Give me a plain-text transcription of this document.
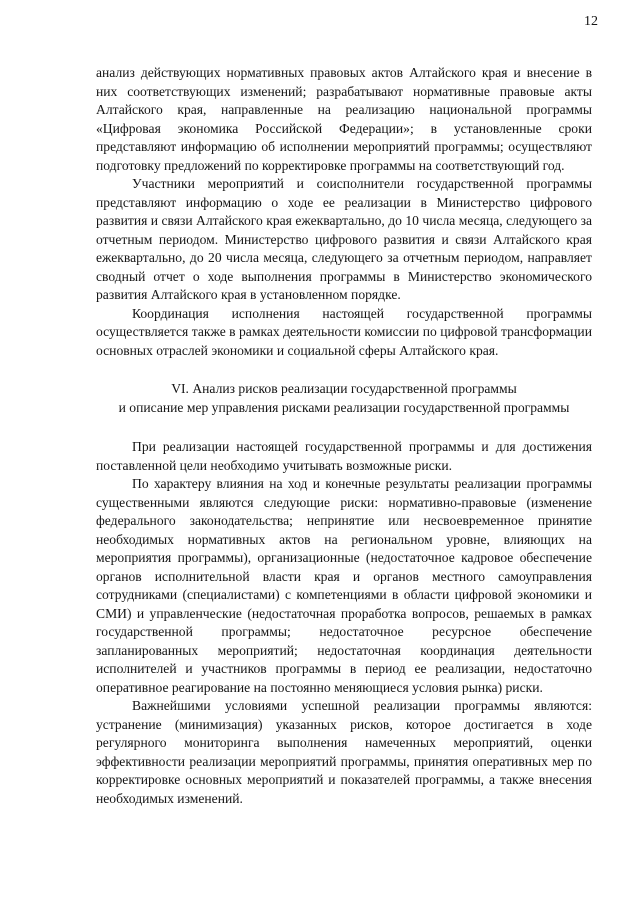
12

анализ действующих нормативных правовых актов Алтайского края и внесение в них соответствующих изменений; разрабатывают нормативные правовые акты Алтайского края, направленные на реализацию национальной программы «Цифровая экономика Российской Федерации»; в установленные сроки представляют информацию об исполнении мероприятий программы; осуществляют подготовку предложений по корректировке программы на соответствующий год.

Участники мероприятий и соисполнители государственной программы представляют информацию о ходе ее реализации в Министерство цифрового развития и связи Алтайского края ежеквартально, до 10 числа месяца, следующего за отчетным периодом. Министерство цифрового развития и связи Алтайского края ежеквартально, до 20 числа месяца, следующего за отчетным периодом, направляет сводный отчет о ходе выполнения программы в Министерство экономического развития Алтайского края в установленном порядке.

Координация исполнения настоящей государственной программы осуществляется также в рамках деятельности комиссии по цифровой трансформации основных отраслей экономики и социальной сферы Алтайского края.

VI. Анализ рисков реализации государственной программы
и описание мер управления рисками реализации государственной программы

При реализации настоящей государственной программы и для достижения поставленной цели необходимо учитывать возможные риски.

По характеру влияния на ход и конечные результаты реализации программы существенными являются следующие риски: нормативно-правовые (изменение федерального законодательства; непринятие или несвоевременное принятие необходимых нормативных актов на региональном уровне, влияющих на мероприятия программы), организационные (недостаточное кадровое обеспечение органов исполнительной власти края и органов местного самоуправления сотрудниками (специалистами) с компетенциями в области цифровой экономики и СМИ) и управленческие (недостаточная проработка вопросов, решаемых в рамках государственной программы; недостаточное ресурсное обеспечение запланированных мероприятий; недостаточная координация деятельности исполнителей и участников программы в период ее реализации, недостаточно оперативное реагирование на постоянно меняющиеся условия рынка) риски.

Важнейшими условиями успешной реализации программы являются: устранение (минимизация) указанных рисков, которое достигается в ходе регулярного мониторинга выполнения намеченных мероприятий, оценки эффективности реализации мероприятий программы, принятия оперативных мер по корректировке основных мероприятий и показателей программы, а также внесения необходимых изменений.
